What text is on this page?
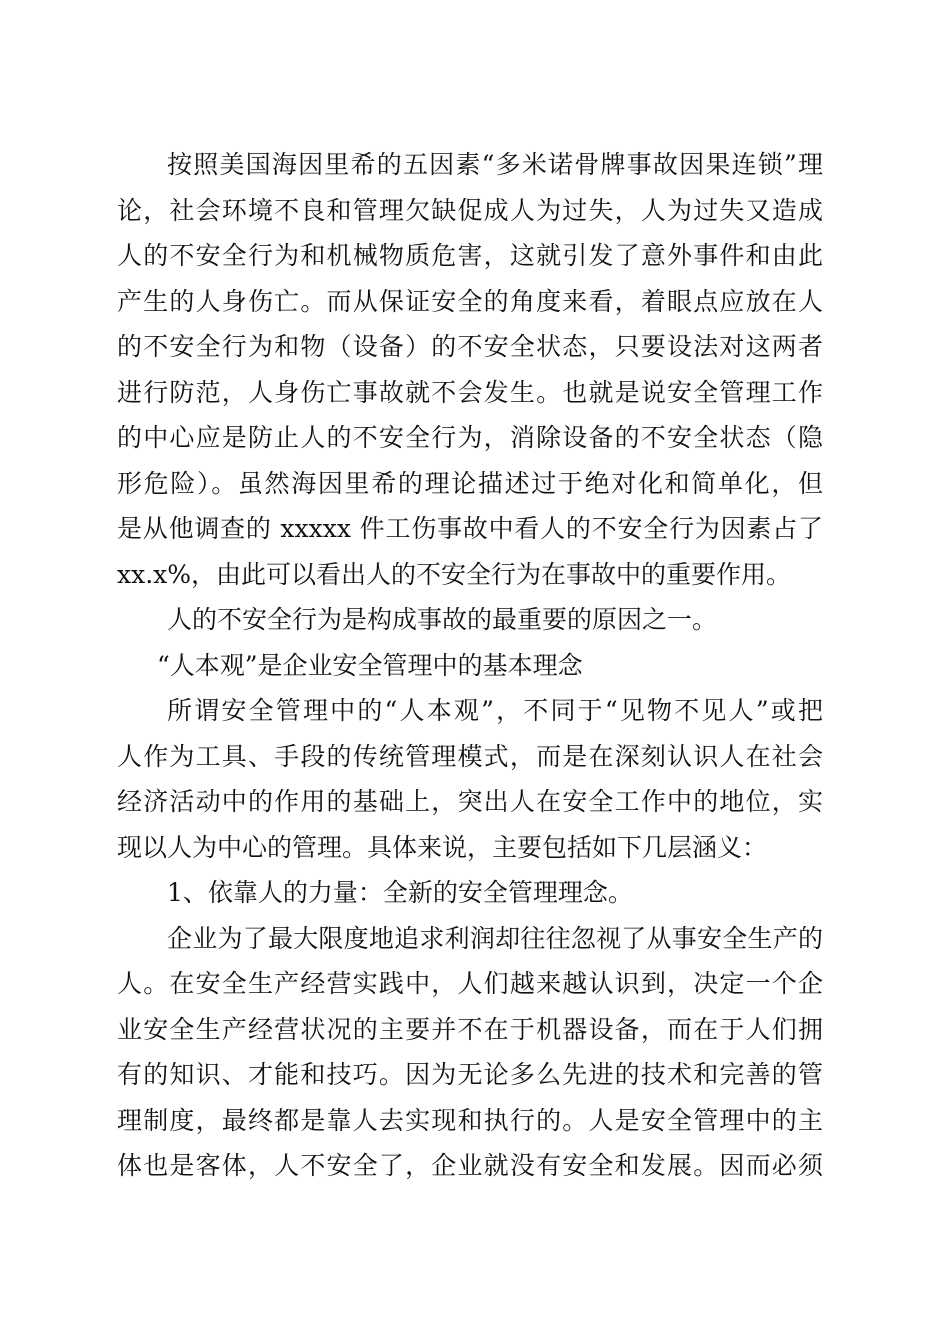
按照美国海因里希的五因素“多米诺骨牌事故因果连锁”理
论，社会环境不良和管理欠缺促成人为过失，人为过失又造成
人的不安全行为和机械物质危害，这就引发了意外事件和由此
产生的人身伤亡。而从保证安全的角度来看，着眼点应放在人
的不安全行为和物（设备）的不安全状态，只要设法对这两者
进行防范，人身伤亡事故就不会发生。也就是说安全管理工作
的中心应是防止人的不安全行为，消除设备的不安全状态（隐
形危险）。虽然海因里希的理论描述过于绝对化和简单化，但
是从他调查的 xxxxx 件工伤事故中看人的不安全行为因素占了
xx.x%，由此可以看出人的不安全行为在事故中的重要作用。

人的不安全行为是构成事故的最重要的原因之一。

“人本观”是企业安全管理中的基本理念

所谓安全管理中的“人本观”，不同于“见物不见人”或把
人作为工具、手段的传统管理模式，而是在深刻认识人在社会
经济活动中的作用的基础上，突出人在安全工作中的地位，实
现以人为中心的管理。具体来说，主要包括如下几层涵义：

1、依靠人的力量：全新的安全管理理念。

企业为了最大限度地追求利润却往往忽视了从事安全生产的
人。在安全生产经营实践中，人们越来越认识到，决定一个企
业安全生产经营状况的主要并不在于机器设备，而在于人们拥
有的知识、才能和技巧。因为无论多么先进的技术和完善的管
理制度，最终都是靠人去实现和执行的。人是安全管理中的主
体也是客体，人不安全了，企业就没有安全和发展。因而必须
